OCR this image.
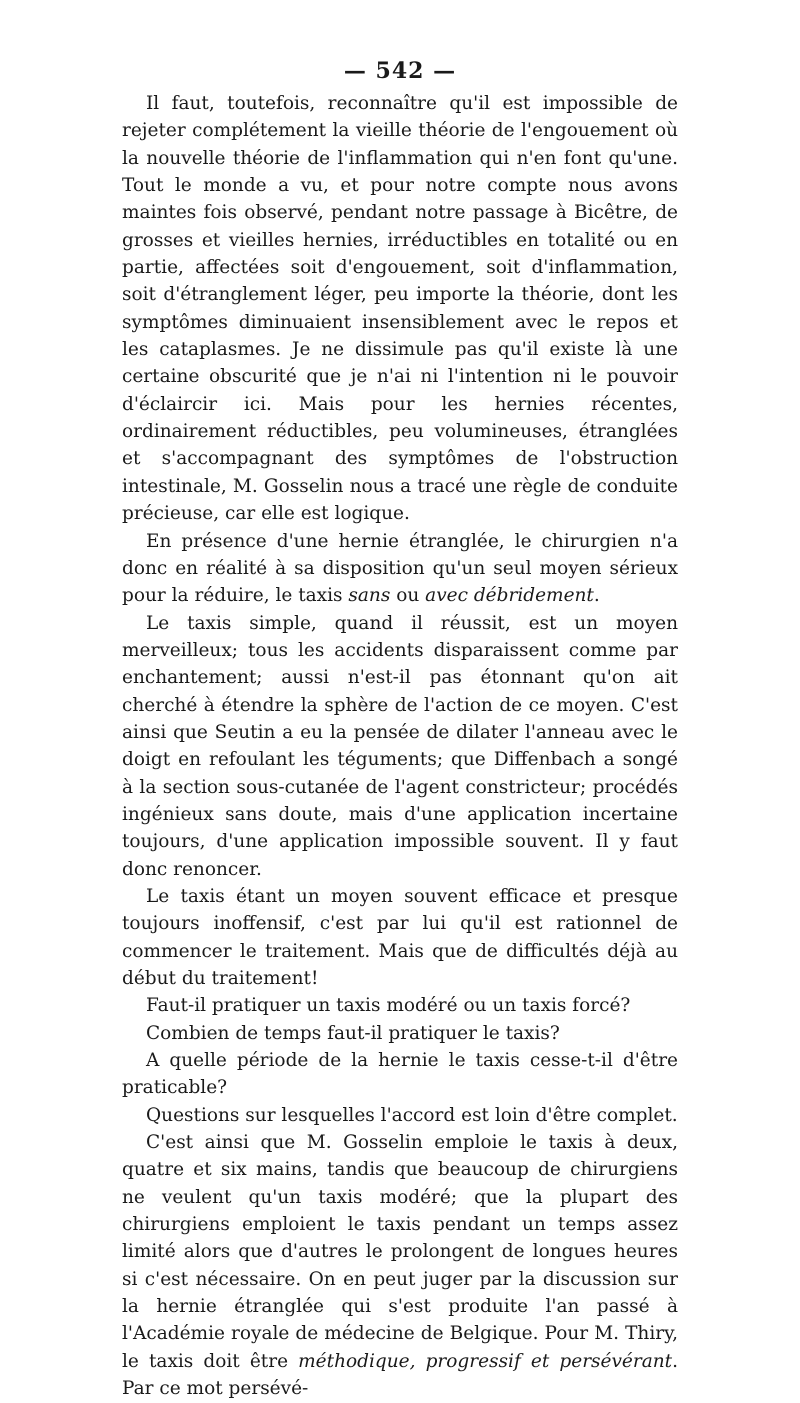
— 542 —

Il faut, toutefois, reconnaître qu'il est impossible de rejeter complétement la vieille théorie de l'engouement où la nouvelle théorie de l'inflammation qui n'en font qu'une. Tout le monde a vu, et pour notre compte nous avons maintes fois observé, pendant notre passage à Bicêtre, de grosses et vieilles hernies, irréductibles en totalité ou en partie, affectées soit d'engouement, soit d'inflammation, soit d'étranglement léger, peu importe la théorie, dont les symptômes diminuaient insensiblement avec le repos et les cataplasmes. Je ne dissimule pas qu'il existe là une certaine obscurité que je n'ai ni l'intention ni le pouvoir d'éclaircir ici. Mais pour les hernies récentes, ordinairement réductibles, peu volumineuses, étranglées et s'accompagnant des symptômes de l'obstruction intestinale, M. Gosselin nous a tracé une règle de conduite précieuse, car elle est logique.

En présence d'une hernie étranglée, le chirurgien n'a donc en réalité à sa disposition qu'un seul moyen sérieux pour la réduire, le taxis sans ou avec débridement.

Le taxis simple, quand il réussit, est un moyen merveilleux; tous les accidents disparaissent comme par enchantement; aussi n'est-il pas étonnant qu'on ait cherché à étendre la sphère de l'action de ce moyen. C'est ainsi que Seutin a eu la pensée de dilater l'anneau avec le doigt en refoulant les téguments; que Diffenbach a songé à la section sous-cutanée de l'agent constricteur; procédés ingénieux sans doute, mais d'une application incertaine toujours, d'une application impossible souvent. Il y faut donc renoncer.

Le taxis étant un moyen souvent efficace et presque toujours inoffensif, c'est par lui qu'il est rationnel de commencer le traitement. Mais que de difficultés déjà au début du traitement!

Faut-il pratiquer un taxis modéré ou un taxis forcé?

Combien de temps faut-il pratiquer le taxis?

A quelle période de la hernie le taxis cesse-t-il d'être praticable?

Questions sur lesquelles l'accord est loin d'être complet.

C'est ainsi que M. Gosselin emploie le taxis à deux, quatre et six mains, tandis que beaucoup de chirurgiens ne veulent qu'un taxis modéré; que la plupart des chirurgiens emploient le taxis pendant un temps assez limité alors que d'autres le prolongent de longues heures si c'est nécessaire. On en peut juger par la discussion sur la hernie étranglée qui s'est produite l'an passé à l'Académie royale de médecine de Belgique. Pour M. Thiry, le taxis doit être méthodique, progressif et persévérant. Par ce mot persévé-
